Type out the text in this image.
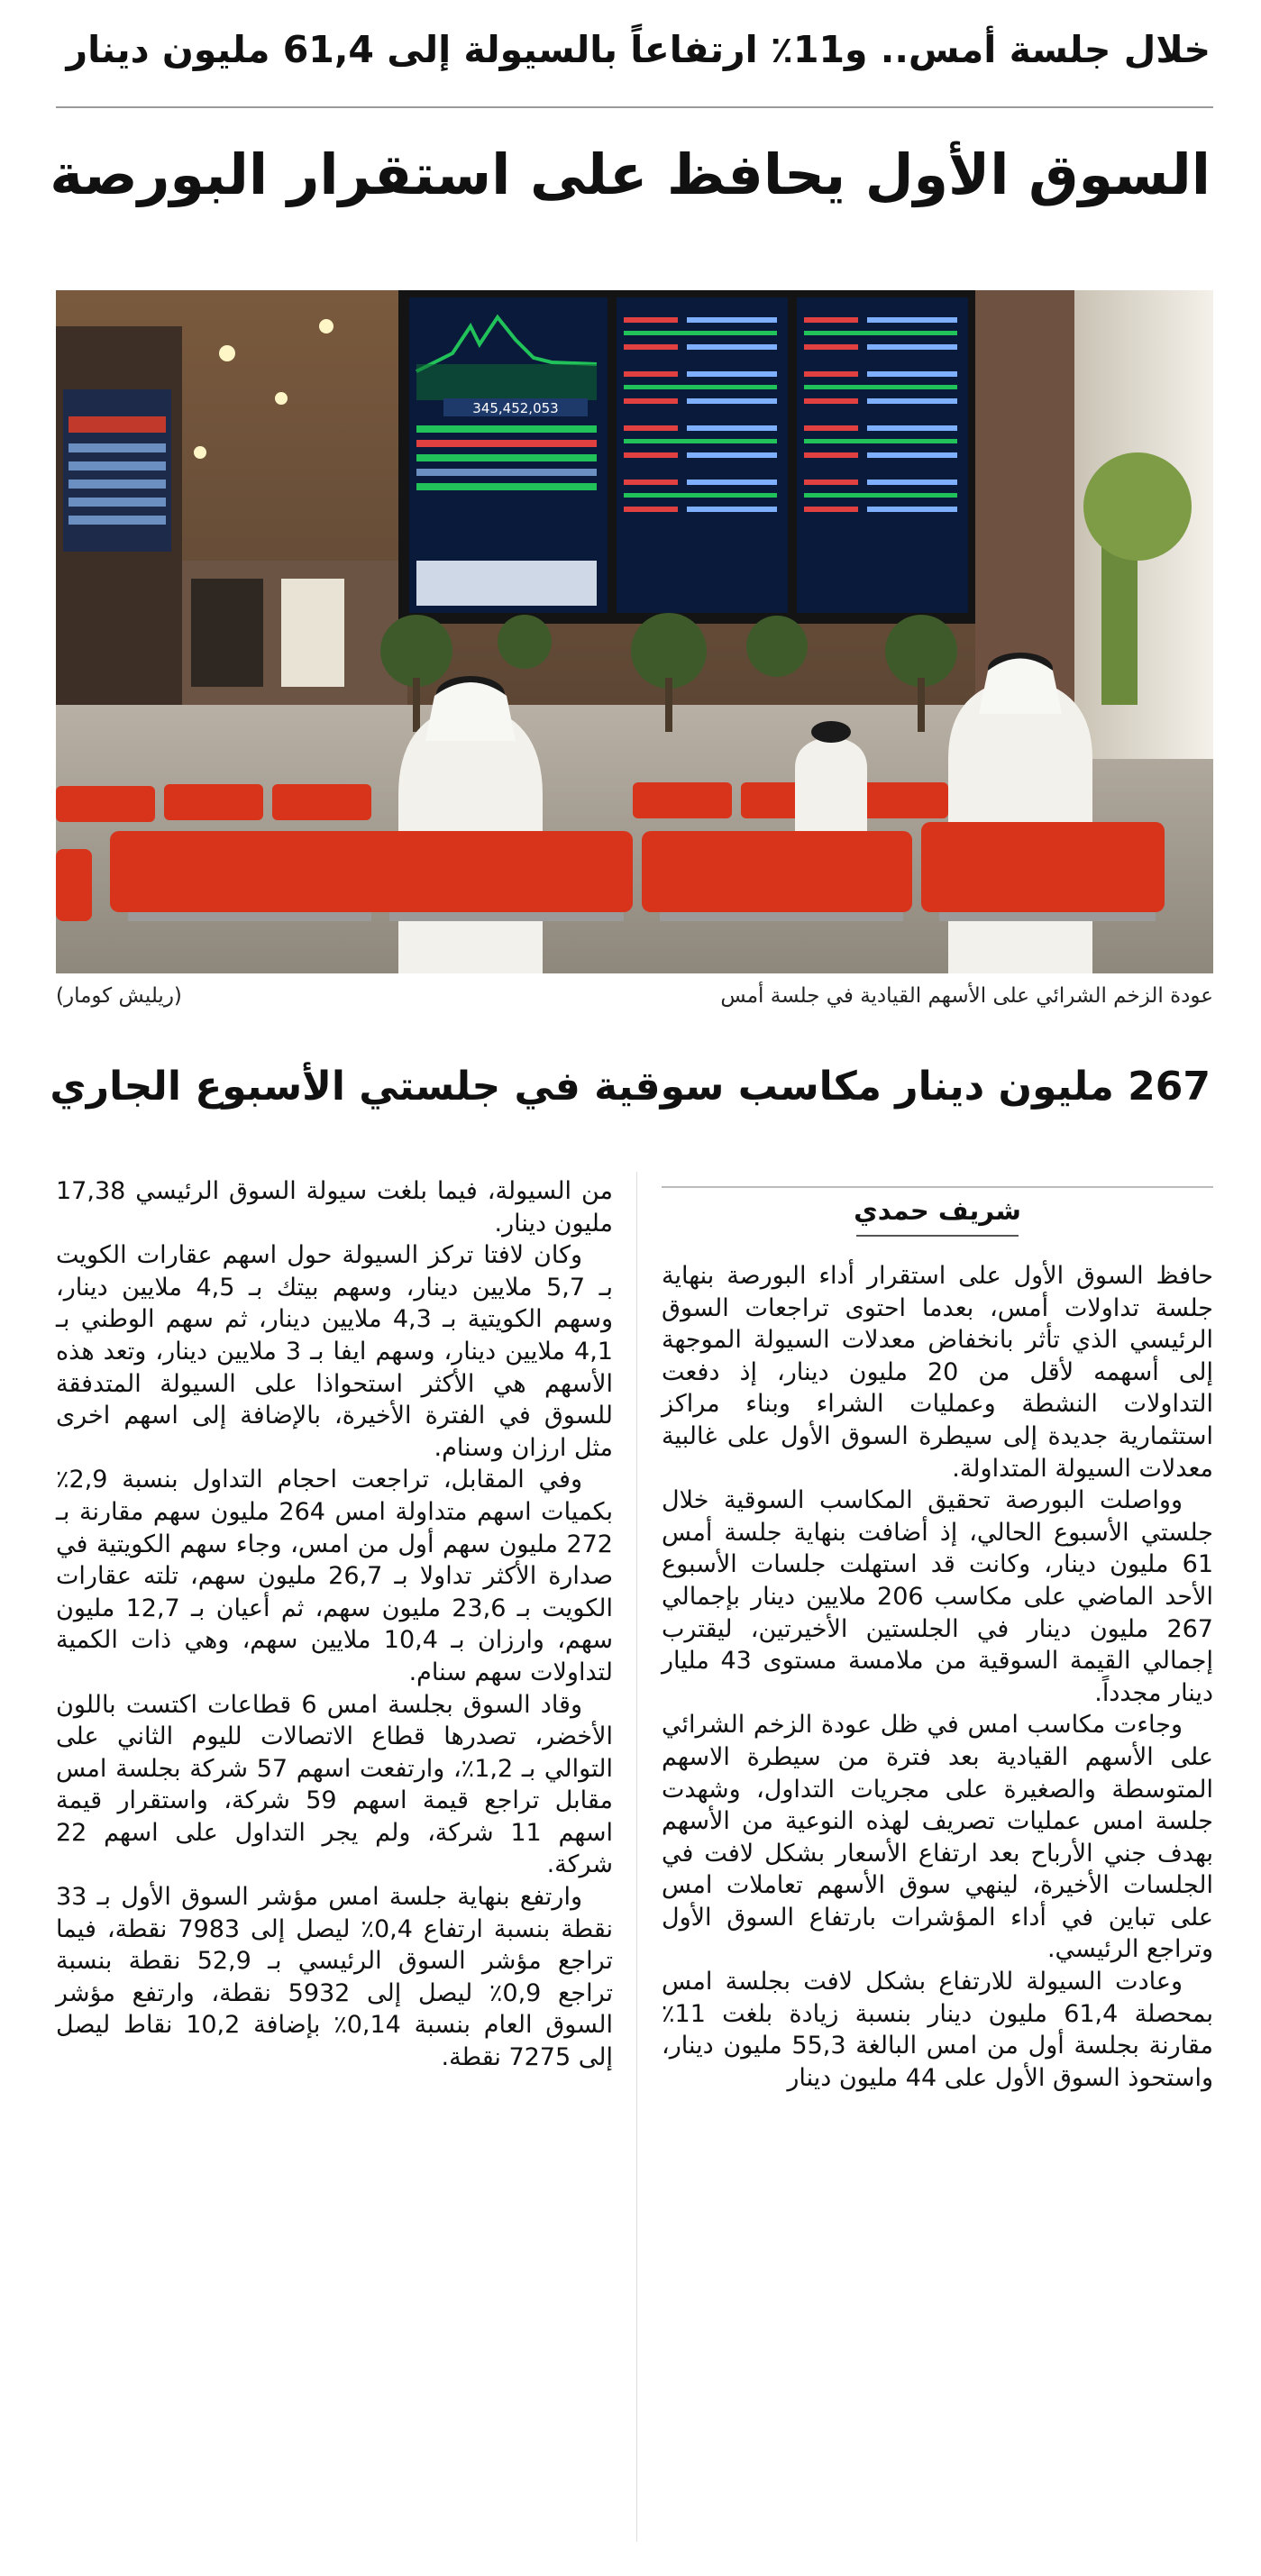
خلال جلسة أمس.. و11٪ ارتفاعاً بالسيولة إلى 61,4 مليون دينار
السوق الأول يحافظ على استقرار البورصة
345,452,053
عودة الزخم الشرائي على الأسهم القيادية في جلسة أمس
(ريليش كومار)
267 مليون دينار مكاسب سوقية في جلستي الأسبوع الجاري
شريف حمدي

حافظ السوق الأول على استقرار أداء البورصة بنهاية جلسة تداولات أمس، بعدما احتوى تراجعات السوق الرئيسي الذي تأثر بانخفاض معدلات السيولة الموجهة إلى أسهمه لأقل من 20 مليون دينار، إذ دفعت التداولات النشطة وعمليات الشراء وبناء مراكز استثمارية جديدة إلى سيطرة السوق الأول على غالبية معدلات السيولة المتداولة.

وواصلت البورصة تحقيق المكاسب السوقية خلال جلستي الأسبوع الحالي، إذ أضافت بنهاية جلسة أمس 61 مليون دينار، وكانت قد استهلت جلسات الأسبوع الأحد الماضي على مكاسب 206 ملايين دينار بإجمالي 267 مليون دينار في الجلستين الأخيرتين، ليقترب إجمالي القيمة السوقية من ملامسة مستوى 43 مليار دينار مجدداً.

وجاءت مكاسب امس في ظل عودة الزخم الشرائي على الأسهم القيادية بعد فترة من سيطرة الاسهم المتوسطة والصغيرة على مجريات التداول، وشهدت جلسة امس عمليات تصريف لهذه النوعية من الأسهم بهدف جني الأرباح بعد ارتفاع الأسعار بشكل لافت في الجلسات الأخيرة، لينهي سوق الأسهم تعاملات امس على تباين في أداء المؤشرات بارتفاع السوق الأول وتراجع الرئيسي.

وعادت السيولة للارتفاع بشكل لافت بجلسة امس بمحصلة 61,4 مليون دينار بنسبة زيادة بلغت 11٪ مقارنة بجلسة أول من امس البالغة 55,3 مليون دينار، واستحوذ السوق الأول على 44 مليون دينار

من السيولة، فيما بلغت سيولة السوق الرئيسي 17,38 مليون دينار.

وكان لافتا تركز السيولة حول اسهم عقارات الكويت بـ 5,7 ملايين دينار، وسهم بيتك بـ 4,5 ملايين دينار، وسهم الكويتية بـ 4,3 ملايين دينار، ثم سهم الوطني بـ 4,1 ملايين دينار، وسهم ايفا بـ 3 ملايين دينار، وتعد هذه الأسهم هي الأكثر استحواذا على السيولة المتدفقة للسوق في الفترة الأخيرة، بالإضافة إلى اسهم اخرى مثل ارزان وسنام.

وفي المقابل، تراجعت احجام التداول بنسبة 2,9٪ بكميات اسهم متداولة امس 264 مليون سهم مقارنة بـ 272 مليون سهم أول من امس، وجاء سهم الكويتية في صدارة الأكثر تداولا بـ 26,7 مليون سهم، تلته عقارات الكويت بـ 23,6 مليون سهم، ثم أعيان بـ 12,7 مليون سهم، وارزان بـ 10,4 ملايين سهم، وهي ذات الكمية لتداولات سهم سنام.

وقاد السوق بجلسة امس 6 قطاعات اكتست باللون الأخضر، تصدرها قطاع الاتصالات لليوم الثاني على التوالي بـ 1,2٪، وارتفعت اسهم 57 شركة بجلسة امس مقابل تراجع قيمة اسهم 59 شركة، واستقرار قيمة اسهم 11 شركة، ولم يجر التداول على اسهم 22 شركة.

وارتفع بنهاية جلسة امس مؤشر السوق الأول بـ 33 نقطة بنسبة ارتفاع 0,4٪ ليصل إلى 7983 نقطة، فيما تراجع مؤشر السوق الرئيسي بـ 52,9 نقطة بنسبة تراجع 0,9٪ ليصل إلى 5932 نقطة، وارتفع مؤشر السوق العام بنسبة 0,14٪ بإضافة 10,2 نقاط ليصل إلى 7275 نقطة.
